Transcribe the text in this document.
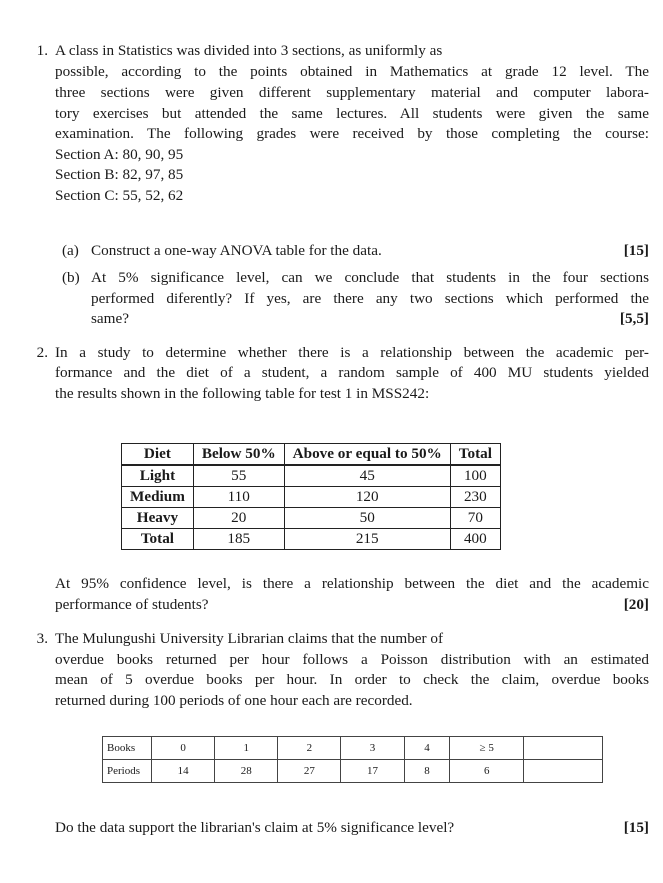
1. A class in Statistics was divided into 3 sections, as uniformly as
possible, according to the points obtained in Mathematics at grade 12 level. The
three sections were given different supplementary material and computer labora-
tory exercises but attended the same lectures. All students were given the same
examination. The following grades were received by those completing the course:
Section A: 80, 90, 95
Section B: 82, 97, 85
Section C: 55, 52, 62
(a) Construct a one-way ANOVA table for the data.	[15]
(b) At 5% significance level, can we conclude that students in the four sections
performed diferently? If yes, are there any two sections which performed the
same?	[5,5]
2. In a study to determine whether there is a relationship between the academic per-
formance and the diet of a student, a random sample of 400 MU students yielded
the results shown in the following table for test 1 in MSS242:
Diet	Below 50%	Above or equal to 50%	Total
Light	55	45	100
Medium	110	120	230
Heavy	20	50	70
Total	185	215	400
At 95% confidence level, is there a relationship between the diet and the academic
performance of students?	[20]
3. The Mulungushi University Librarian claims that the number of
overdue books returned per hour follows a Poisson distribution with an estimated
mean of 5 overdue books per hour. In order to check the claim, overdue books
returned during 100 periods of one hour each are recorded.
Books	0	1	2	3	4	≥ 5	
Periods	14	28	27	17	8	6	
Do the data support the librarian's claim at 5% significance level?	[15]
